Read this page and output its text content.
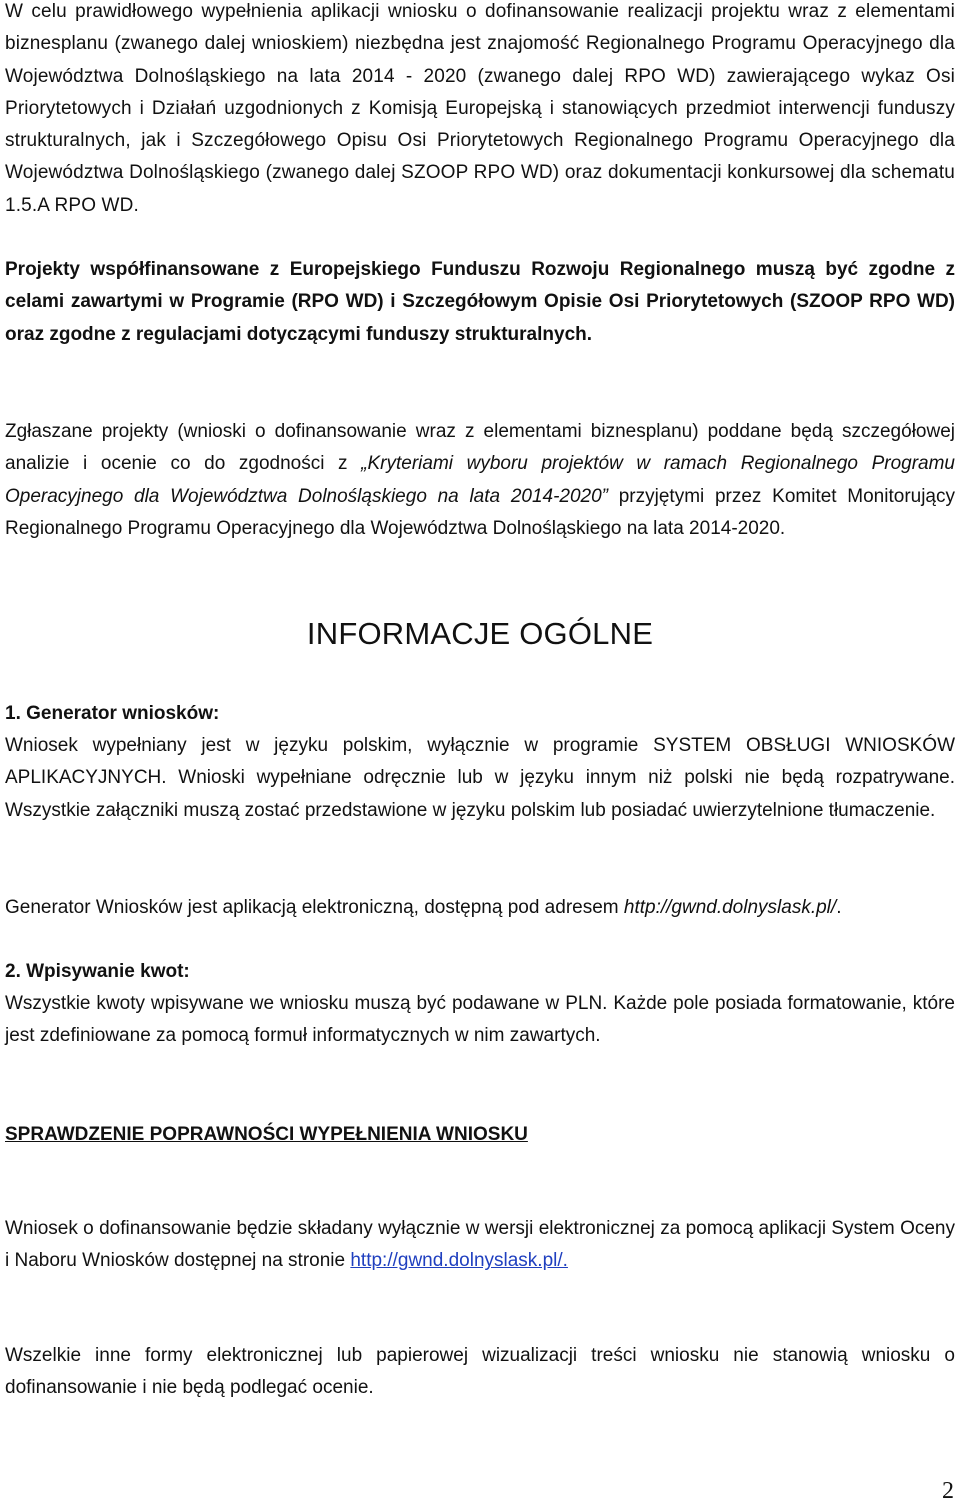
W celu prawidłowego wypełnienia aplikacji wniosku o dofinansowanie realizacji projektu wraz z elementami biznesplanu (zwanego dalej wnioskiem) niezbędna jest znajomość Regionalnego Programu Operacyjnego dla Województwa Dolnośląskiego na lata 2014 - 2020 (zwanego dalej RPO WD) zawierającego wykaz Osi Priorytetowych i Działań uzgodnionych z Komisją Europejską i stanowiących przedmiot interwencji funduszy strukturalnych, jak i Szczegółowego Opisu Osi Priorytetowych Regionalnego Programu Operacyjnego dla Województwa Dolnośląskiego (zwanego dalej SZOOP RPO WD) oraz dokumentacji konkursowej dla schematu 1.5.A RPO WD.

Projekty współfinansowane z Europejskiego Funduszu Rozwoju Regionalnego muszą być zgodne z celami zawartymi w Programie (RPO WD) i Szczegółowym Opisie Osi Priorytetowych (SZOOP RPO WD) oraz zgodne z regulacjami dotyczącymi funduszy strukturalnych.

Zgłaszane projekty (wnioski o dofinansowanie wraz z elementami biznesplanu) poddane będą szczegółowej analizie i ocenie co do zgodności z „Kryteriami wyboru projektów w ramach Regionalnego Programu Operacyjnego dla Województwa Dolnośląskiego na lata 2014-2020” przyjętymi przez Komitet Monitorujący Regionalnego Programu Operacyjnego dla Województwa Dolnośląskiego na lata 2014-2020.

INFORMACJE OGÓLNE

1. Generator wniosków:

Wniosek wypełniany jest w języku polskim, wyłącznie w programie SYSTEM OBSŁUGI WNIOSKÓW APLIKACYJNYCH. Wnioski wypełniane odręcznie lub w języku innym niż polski nie będą rozpatrywane. Wszystkie załączniki muszą zostać przedstawione w języku polskim lub posiadać uwierzytelnione tłumaczenie.

Generator Wniosków jest aplikacją elektroniczną, dostępną pod adresem http://gwnd.dolnyslask.pl/.

2. Wpisywanie kwot:

Wszystkie kwoty wpisywane we wniosku muszą być podawane w PLN. Każde pole posiada formatowanie, które jest zdefiniowane za pomocą formuł informatycznych w nim zawartych.

SPRAWDZENIE POPRAWNOŚCI WYPEŁNIENIA WNIOSKU

Wniosek o dofinansowanie będzie składany wyłącznie w wersji elektronicznej za pomocą aplikacji System Oceny i Naboru Wniosków dostępnej na stronie http://gwnd.dolnyslask.pl/.

Wszelkie inne formy elektronicznej lub papierowej wizualizacji treści wniosku nie stanowią wniosku o dofinansowanie i nie będą podlegać ocenie.

2
